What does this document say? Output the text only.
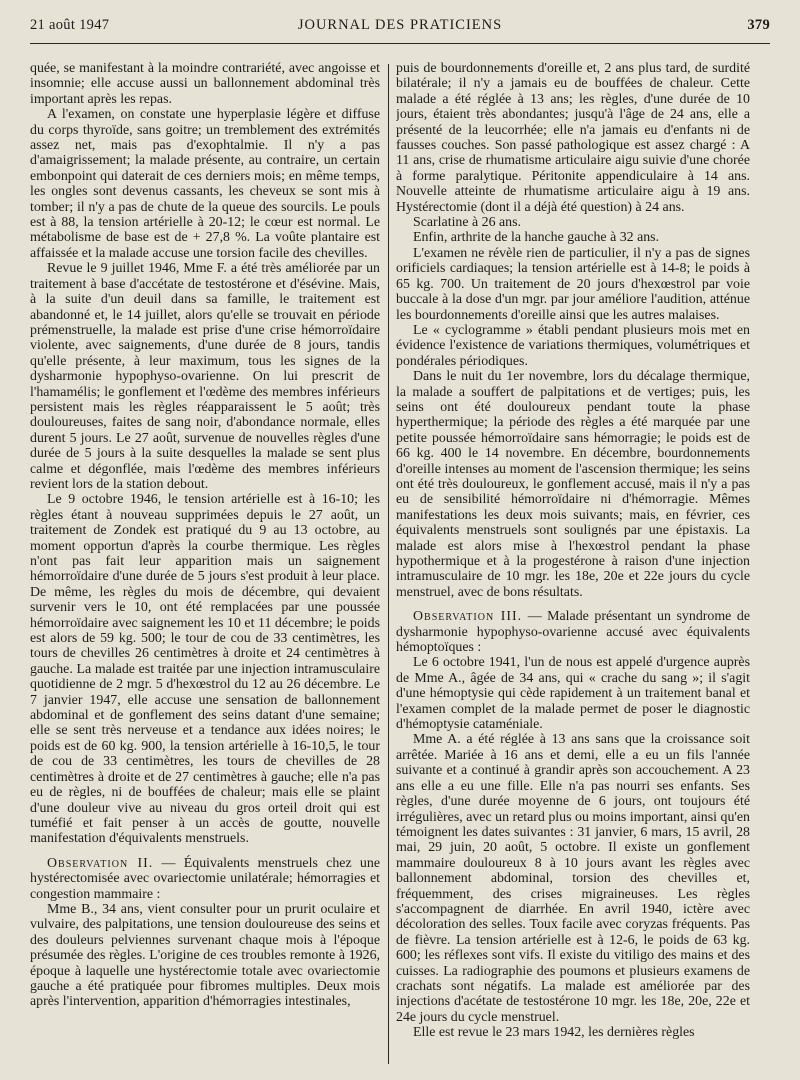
21 août 1947	JOURNAL DES PRATICIENS	379

quée, se manifestant à la moindre contrariété, avec angoisse et insomnie; elle accuse aussi un ballonnement abdominal très important après les repas.

A l'examen, on constate une hyperplasie légère et diffuse du corps thyroïde, sans goitre; un tremblement des extrémités assez net, mais pas d'exophtalmie. Il n'y a pas d'amaigrissement; la malade présente, au contraire, un certain embonpoint qui daterait de ces derniers mois; en même temps, les ongles sont devenus cassants, les cheveux se sont mis à tomber; il n'y a pas de chute de la queue des sourcils. Le pouls est à 88, la tension artérielle à 20-12; le cœur est normal. Le métabolisme de base est de + 27,8 %. La voûte plantaire est affaissée et la malade accuse une torsion facile des chevilles.

Revue le 9 juillet 1946, Mme F. a été très améliorée par un traitement à base d'accétate de testostérone et d'ésévine. Mais, à la suite d'un deuil dans sa famille, le traitement est abandonné et, le 14 juillet, alors qu'elle se trouvait en période prémenstruelle, la malade est prise d'une crise hémorroïdaire violente, avec saignements, d'une durée de 8 jours, tandis qu'elle présente, à leur maximum, tous les signes de la dysharmonie hypophyso-ovarienne. On lui prescrit de l'hamamélis; le gonflement et l'œdème des membres inférieurs persistent mais les règles réapparaissent le 5 août; très douloureuses, faites de sang noir, d'abondance normale, elles durent 5 jours. Le 27 août, survenue de nouvelles règles d'une durée de 5 jours à la suite desquelles la malade se sent plus calme et dégonflée, mais l'œdème des membres inférieurs revient lors de la station debout.

Le 9 octobre 1946, le tension artérielle est à 16-10; les règles étant à nouveau supprimées depuis le 27 août, un traitement de Zondek est pratiqué du 9 au 13 octobre, au moment opportun d'après la courbe thermique. Les règles n'ont pas fait leur apparition mais un saignement hémorroïdaire d'une durée de 5 jours s'est produit à leur place. De même, les règles du mois de décembre, qui devaient survenir vers le 10, ont été remplacées par une poussée hémorroïdaire avec saignement les 10 et 11 décembre; le poids est alors de 59 kg. 500; le tour de cou de 33 centimètres, les tours de chevilles 26 centimètres à droite et 24 centimètres à gauche. La malade est traitée par une injection intramusculaire quotidienne de 2 mgr. 5 d'hexœstrol du 12 au 26 décembre. Le 7 janvier 1947, elle accuse une sensation de ballonnement abdominal et de gonflement des seins datant d'une semaine; elle se sent très nerveuse et a tendance aux idées noires; le poids est de 60 kg. 900, la tension artérielle à 16-10,5, le tour de cou de 33 centimètres, les tours de chevilles de 28 centimètres à droite et de 27 centimètres à gauche; elle n'a pas eu de règles, ni de bouffées de chaleur; mais elle se plaint d'une douleur vive au niveau du gros orteil droit qui est tuméfié et fait penser à un accès de goutte, nouvelle manifestation d'équivalents menstruels.

Observation II. — Équivalents menstruels chez une hystérectomisée avec ovariectomie unilatérale; hémorragies et congestion mammaire :

Mme B., 34 ans, vient consulter pour un prurit oculaire et vulvaire, des palpitations, une tension douloureuse des seins et des douleurs pelviennes survenant chaque mois à l'époque présumée des règles. L'origine de ces troubles remonte à 1926, époque à laquelle une hystérectomie totale avec ovariectomie gauche a été pratiquée pour fibromes multiples. Deux mois après l'intervention, apparition d'hémorragies intestinales,

puis de bourdonnements d'oreille et, 2 ans plus tard, de surdité bilatérale; il n'y a jamais eu de bouffées de chaleur. Cette malade a été réglée à 13 ans; les règles, d'une durée de 10 jours, étaient très abondantes; jusqu'à l'âge de 24 ans, elle a présenté de la leucorrhée; elle n'a jamais eu d'enfants ni de fausses couches. Son passé pathologique est assez chargé : A 11 ans, crise de rhumatisme articulaire aigu suivie d'une chorée à forme paralytique. Péritonite appendiculaire à 14 ans. Nouvelle atteinte de rhumatisme articulaire aigu à 19 ans. Hystérectomie (dont il a déjà été question) à 24 ans.

Scarlatine à 26 ans.

Enfin, arthrite de la hanche gauche à 32 ans.

L'examen ne révèle rien de particulier, il n'y a pas de signes orificiels cardiaques; la tension artérielle est à 14-8; le poids à 65 kg. 700. Un traitement de 20 jours d'hexœstrol par voie buccale à la dose d'un mgr. par jour améliore l'audition, atténue les bourdonnements d'oreille ainsi que les autres malaises.

Le « cyclogramme » établi pendant plusieurs mois met en évidence l'existence de variations thermiques, volumétriques et pondérales périodiques.

Dans le nuit du 1er novembre, lors du décalage thermique, la malade a souffert de palpitations et de vertiges; puis, les seins ont été douloureux pendant toute la phase hyperthermique; la période des règles a été marquée par une petite poussée hémorroïdaire sans hémorragie; le poids est de 66 kg. 400 le 14 novembre. En décembre, bourdonnements d'oreille intenses au moment de l'ascension thermique; les seins ont été très douloureux, le gonflement accusé, mais il n'y a pas eu de sensibilité hémorroïdaire ni d'hémorragie. Mêmes manifestations les deux mois suivants; mais, en février, ces équivalents menstruels sont soulignés par une épistaxis. La malade est alors mise à l'hexœstrol pendant la phase hypothermique et à la progestérone à raison d'une injection intramusculaire de 10 mgr. les 18e, 20e et 22e jours du cycle menstruel, avec de bons résultats.

Observation III. — Malade présentant un syndrome de dysharmonie hypophyso-ovarienne accusé avec équivalents hémoptoïques :

Le 6 octobre 1941, l'un de nous est appelé d'urgence auprès de Mme A., âgée de 34 ans, qui « crache du sang »; il s'agit d'une hémoptysie qui cède rapidement à un traitement banal et l'examen complet de la malade permet de poser le diagnostic d'hémoptysie cataméniale.

Mme A. a été réglée à 13 ans sans que la croissance soit arrêtée. Mariée à 16 ans et demi, elle a eu un fils l'année suivante et a continué à grandir après son accouchement. A 23 ans elle a eu une fille. Elle n'a pas nourri ses enfants. Ses règles, d'une durée moyenne de 6 jours, ont toujours été irrégulières, avec un retard plus ou moins important, ainsi qu'en témoignent les dates suivantes : 31 janvier, 6 mars, 15 avril, 28 mai, 29 juin, 20 août, 5 octobre. Il existe un gonflement mammaire douloureux 8 à 10 jours avant les règles avec ballonnement abdominal, torsion des chevilles et, fréquemment, des crises migraineuses. Les règles s'accompagnent de diarrhée. En avril 1940, ictère avec décoloration des selles. Toux facile avec coryzas fréquents. Pas de fièvre. La tension artérielle est à 12-6, le poids de 63 kg. 600; les réflexes sont vifs. Il existe du vitiligo des mains et des cuisses. La radiographie des poumons et plusieurs examens de crachats sont négatifs. La malade est améliorée par des injections d'acétate de testostérone 10 mgr. les 18e, 20e, 22e et 24e jours du cycle menstruel.

Elle est revue le 23 mars 1942, les dernières règles
